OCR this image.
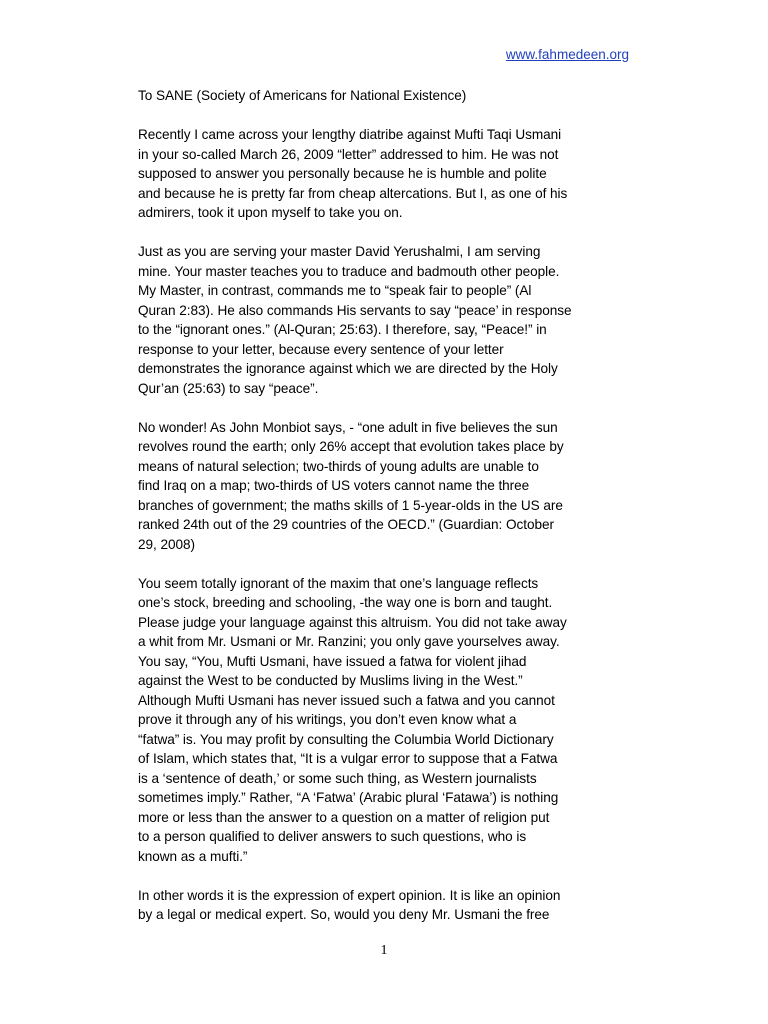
www.fahmedeen.org

To SANE (Society of Americans for National Existence)

Recently I came across your lengthy diatribe against Mufti Taqi Usmani
in your so-called March 26, 2009 “letter” addressed to him. He was not
supposed to answer you personally because he is humble and polite
and because he is pretty far from cheap altercations. But I, as one of his
admirers, took it upon myself to take you on.

Just as you are serving your master David Yerushalmi, I am serving
mine. Your master teaches you to traduce and badmouth other people.
My Master, in contrast, commands me to “speak fair to people” (Al
Quran 2:83). He also commands His servants to say “peace’ in response
to the “ignorant ones.” (Al-Quran; 25:63). I therefore, say, “Peace!” in
response to your letter, because every sentence of your letter
demonstrates the ignorance against which we are directed by the Holy
Qur’an (25:63) to say “peace”.

No wonder! As John Monbiot says, - “one adult in five believes the sun
revolves round the earth; only 26% accept that evolution takes place by
means of natural selection; two-thirds of young adults are unable to
find Iraq on a map; two-thirds of US voters cannot name the three
branches of government; the maths skills of 1 5-year-olds in the US are
ranked 24th out of the 29 countries of the OECD.” (Guardian: October
29, 2008)

You seem totally ignorant of the maxim that one’s language reflects
one’s stock, breeding and schooling, -the way one is born and taught.
Please judge your language against this altruism. You did not take away
a whit from Mr. Usmani or Mr. Ranzini; you only gave yourselves away.
You say, “You, Mufti Usmani, have issued a fatwa for violent jihad
against the West to be conducted by Muslims living in the West.”
Although Mufti Usmani has never issued such a fatwa and you cannot
prove it through any of his writings, you don’t even know what a
“fatwa” is. You may profit by consulting the Columbia World Dictionary
of Islam, which states that, “It is a vulgar error to suppose that a Fatwa
is a ‘sentence of death,’ or some such thing, as Western journalists
sometimes imply.” Rather, “A ‘Fatwa’ (Arabic plural ‘Fatawa’) is nothing
more or less than the answer to a question on a matter of religion put
to a person qualified to deliver answers to such questions, who is
known as a mufti.”

In other words it is the expression of expert opinion. It is like an opinion
by a legal or medical expert. So, would you deny Mr. Usmani the free

1
